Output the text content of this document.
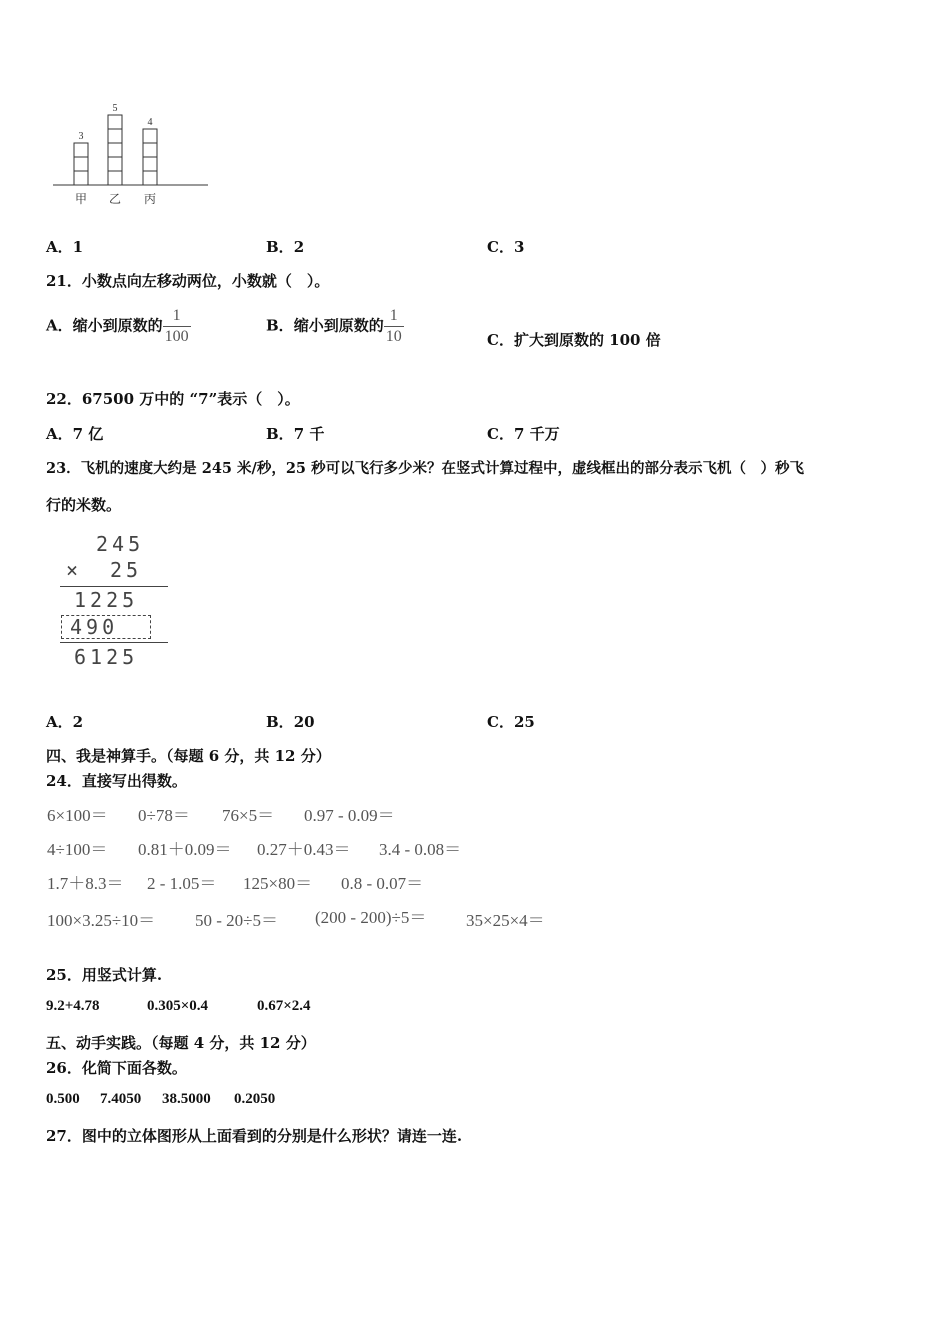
3
甲
5
乙
4
丙
A．1	B．2	C．3
21．小数点向左移动两位，小数就（　）。
A．缩小到原数的 $\frac{1}{100}$	B．缩小到原数的 $\frac{1}{10}$	C．扩大到原数的 100 倍
22．67500 万中的 “7”表示（　）。
A．7 亿	B．7 千	C．7 千万
23．飞机的速度大约是 245 米/秒，25 秒可以飞行多少米？在竖式计算过程中，虚线框出的部分表示飞机（　）秒飞
行的米数。
245
× 25
1225
490
6125
A．2	B．20	C．25
四、我是神算手。（每题 6 分，共 12 分）
24．直接写出得数。
6×100＝ 0÷78＝ 76×5＝ 0.97 - 0.09＝
4÷100＝ 0.81＋0.09＝ 0.27＋0.43＝ 3.4 - 0.08＝
1.7＋8.3＝ 2 - 1.05＝ 125×80＝ 0.8 - 0.07＝
100×3.25÷10＝ 50 - 20÷5＝ (200 - 200)÷5＝ 35×25×4＝
25．用竖式计算.
9.2+4.78	0.305×0.4	0.67×2.4
五、动手实践。（每题 4 分，共 12 分）
26．化简下面各数。
0.500 7.4050 38.5000 0.2050
27．图中的立体图形从上面看到的分别是什么形状？请连一连.
